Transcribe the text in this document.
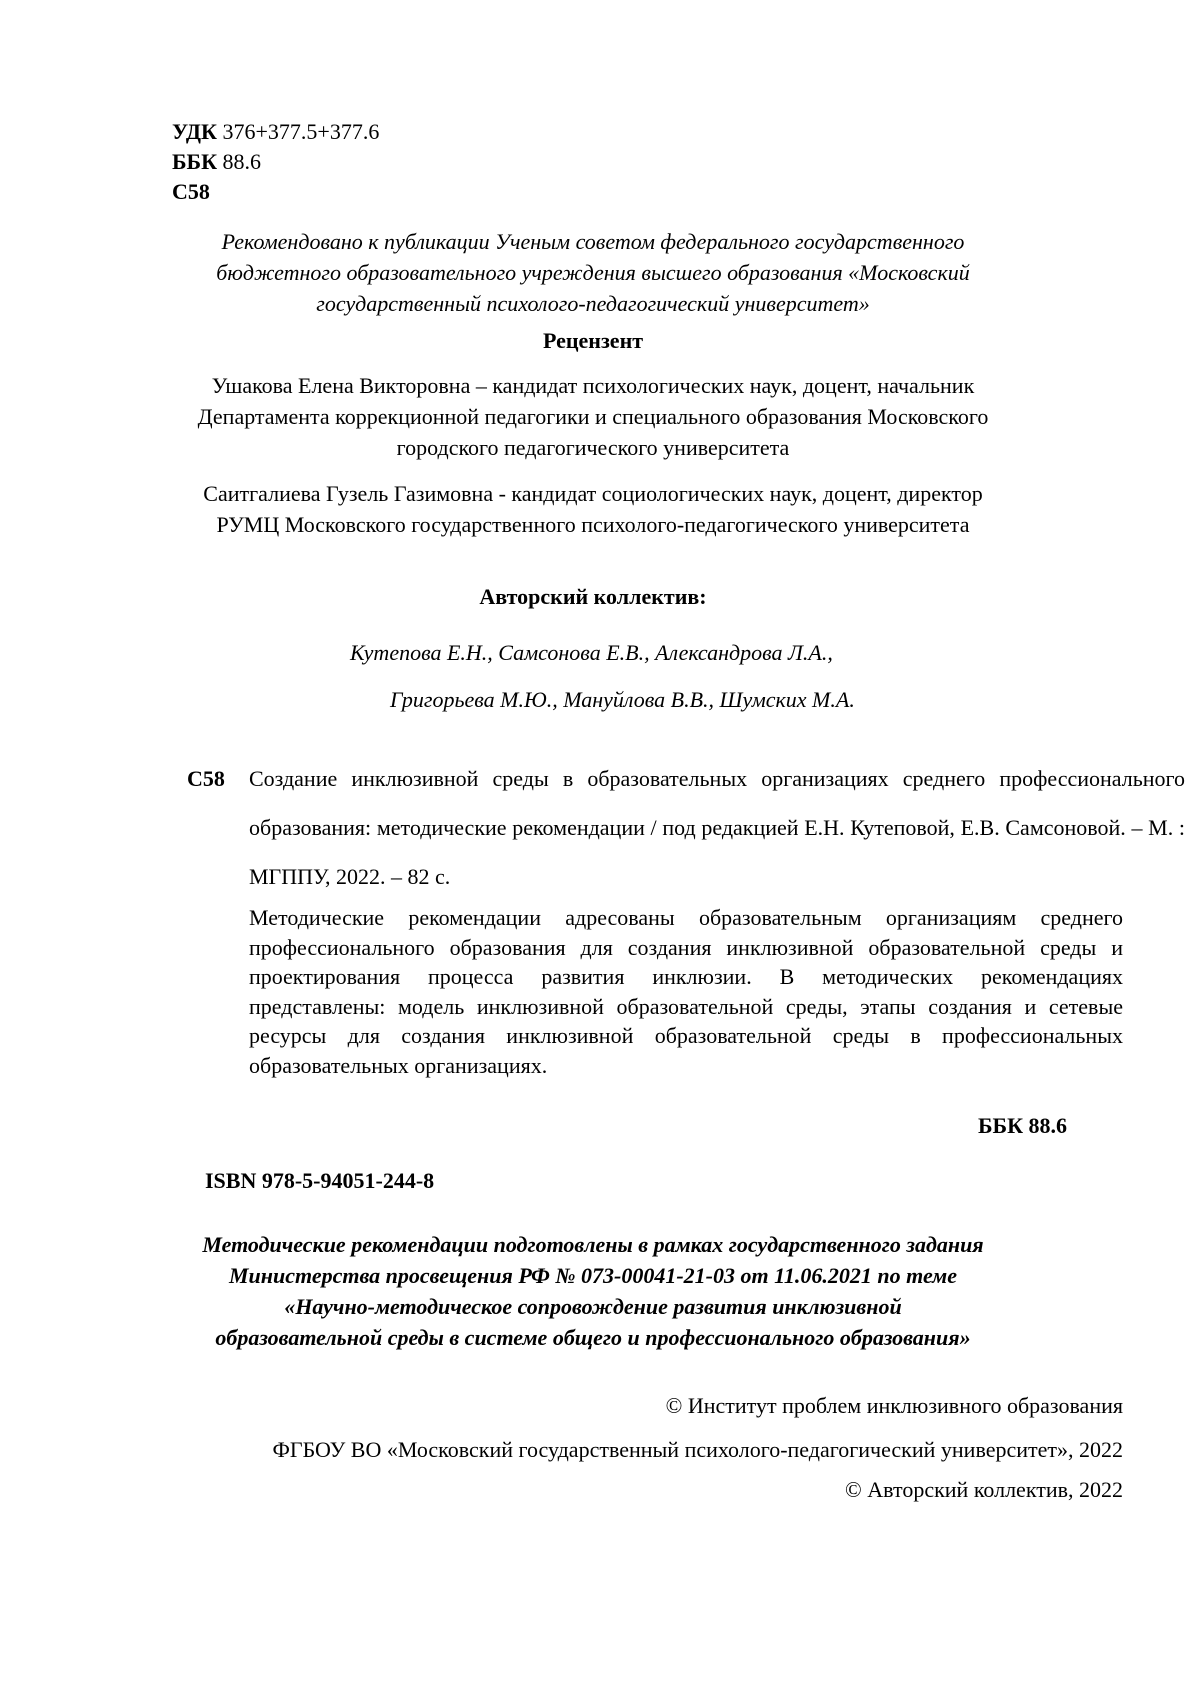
УДК 376+377.5+377.6
ББК 88.6
С58
Рекомендовано к публикации Ученым советом федерального государственного
бюджетного образовательного учреждения высшего образования «Московский
государственный психолого-педагогический университет»
Рецензент
Ушакова Елена Викторовна – кандидат психологических наук, доцент, начальник
Департамента коррекционной педагогики и специального образования Московского
городского педагогического университета
Саитгалиева Гузель Газимовна - кандидат социологических наук, доцент, директор
РУМЦ Московского государственного психолого-педагогического университета
Авторский коллектив:
Кутепова Е.Н., Самсонова Е.В., Александрова Л.А.,
Григорьева М.Ю., Мануйлова В.В., Шумских М.А.
С58 Создание инклюзивной среды в образовательных организациях среднего профессионального образования: методические рекомендации / под редакцией Е.Н. Кутеповой, Е.В. Самсоновой. – М. : МГППУ, 2022. – 82 с.
Методические рекомендации адресованы образовательным организациям среднего профессионального образования для создания инклюзивной образовательной среды и проектирования процесса развития инклюзии. В методических рекомендациях представлены: модель инклюзивной образовательной среды, этапы создания и сетевые ресурсы для создания инклюзивной образовательной среды в профессиональных образовательных организациях.
ББК 88.6
ISBN 978-5-94051-244-8
Методические рекомендации подготовлены в рамках государственного задания
Министерства просвещения РФ № 073-00041-21-03 от 11.06.2021 по теме
«Научно-методическое сопровождение развития инклюзивной
образовательной среды в системе общего и профессионального образования»
© Институт проблем инклюзивного образования
ФГБОУ ВО «Московский государственный психолого-педагогический университет», 2022
© Авторский коллектив, 2022
